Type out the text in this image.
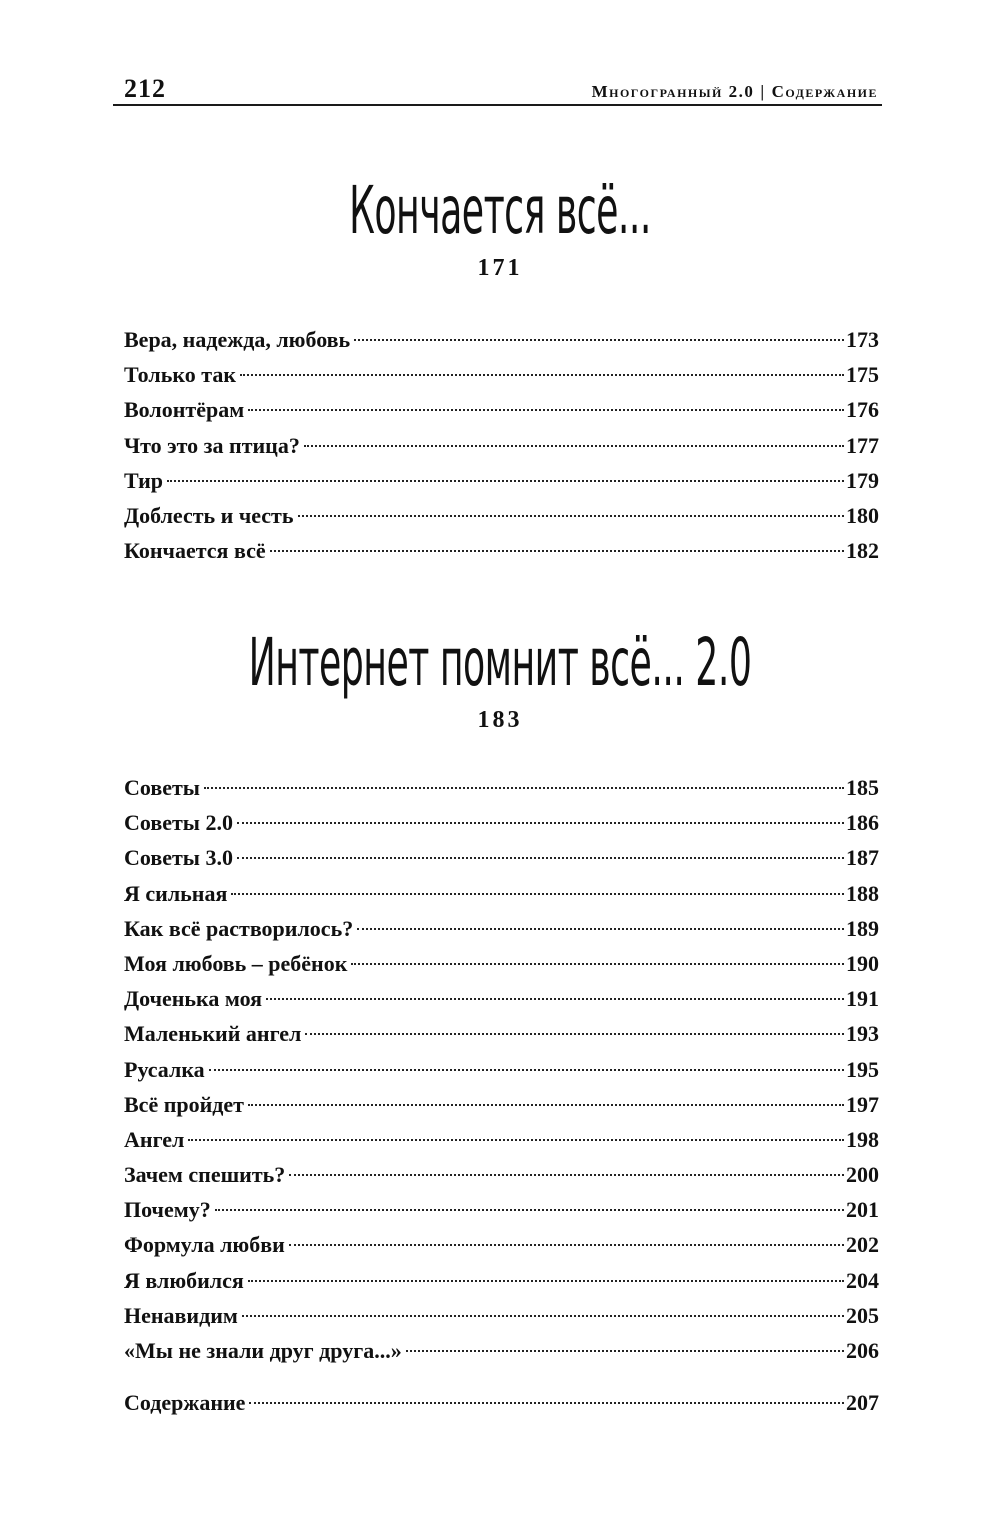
212	Многогранный 2.0 | Содержание
Кончается всё...
171
Вера, надежда, любовь	173
Только так	175
Волонтёрам	176
Что это за птица?	177
Тир	179
Доблесть и честь	180
Кончается всё	182
Интернет помнит всё... 2.0
183
Советы	185
Советы 2.0	186
Советы 3.0	187
Я сильная	188
Как всё растворилось?	189
Моя любовь – ребёнок	190
Доченька моя	191
Маленький ангел	193
Русалка	195
Всё пройдет	197
Ангел	198
Зачем спешить?	200
Почему?	201
Формула любви	202
Я влюбился	204
Ненавидим	205
«Мы не знали друг друга...»	206
Содержание	207
